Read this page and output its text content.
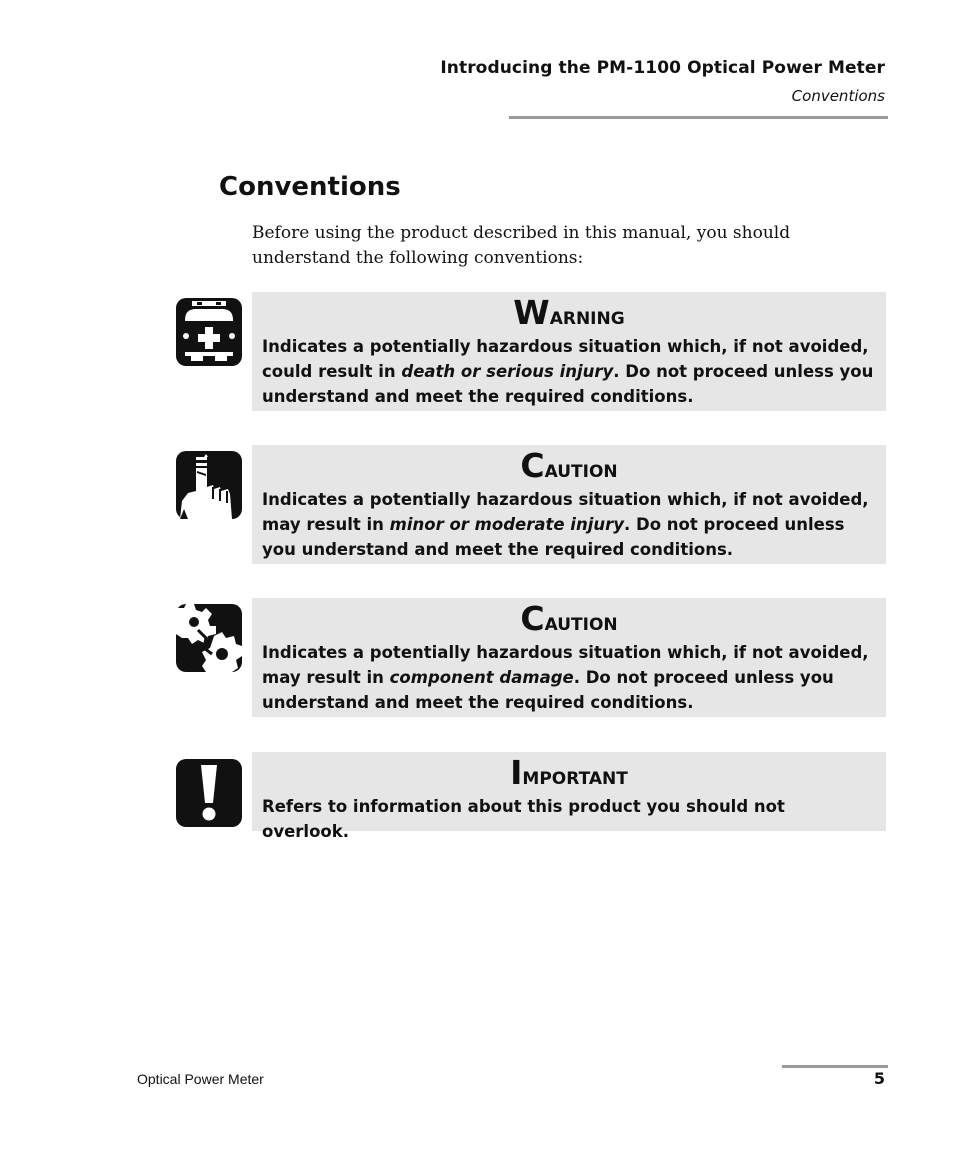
Introducing the PM-1100 Optical Power Meter
Conventions
Conventions
Before using the product described in this manual, you should understand the following conventions:
Warning
Indicates a potentially hazardous situation which, if not avoided, could result in death or serious injury. Do not proceed unless you understand and meet the required conditions.
Caution
Indicates a potentially hazardous situation which, if not avoided, may result in minor or moderate injury. Do not proceed unless you understand and meet the required conditions.
Caution
Indicates a potentially hazardous situation which, if not avoided, may result in component damage. Do not proceed unless you understand and meet the required conditions.
Important
Refers to information about this product you should not overlook.
Optical Power Meter	5
